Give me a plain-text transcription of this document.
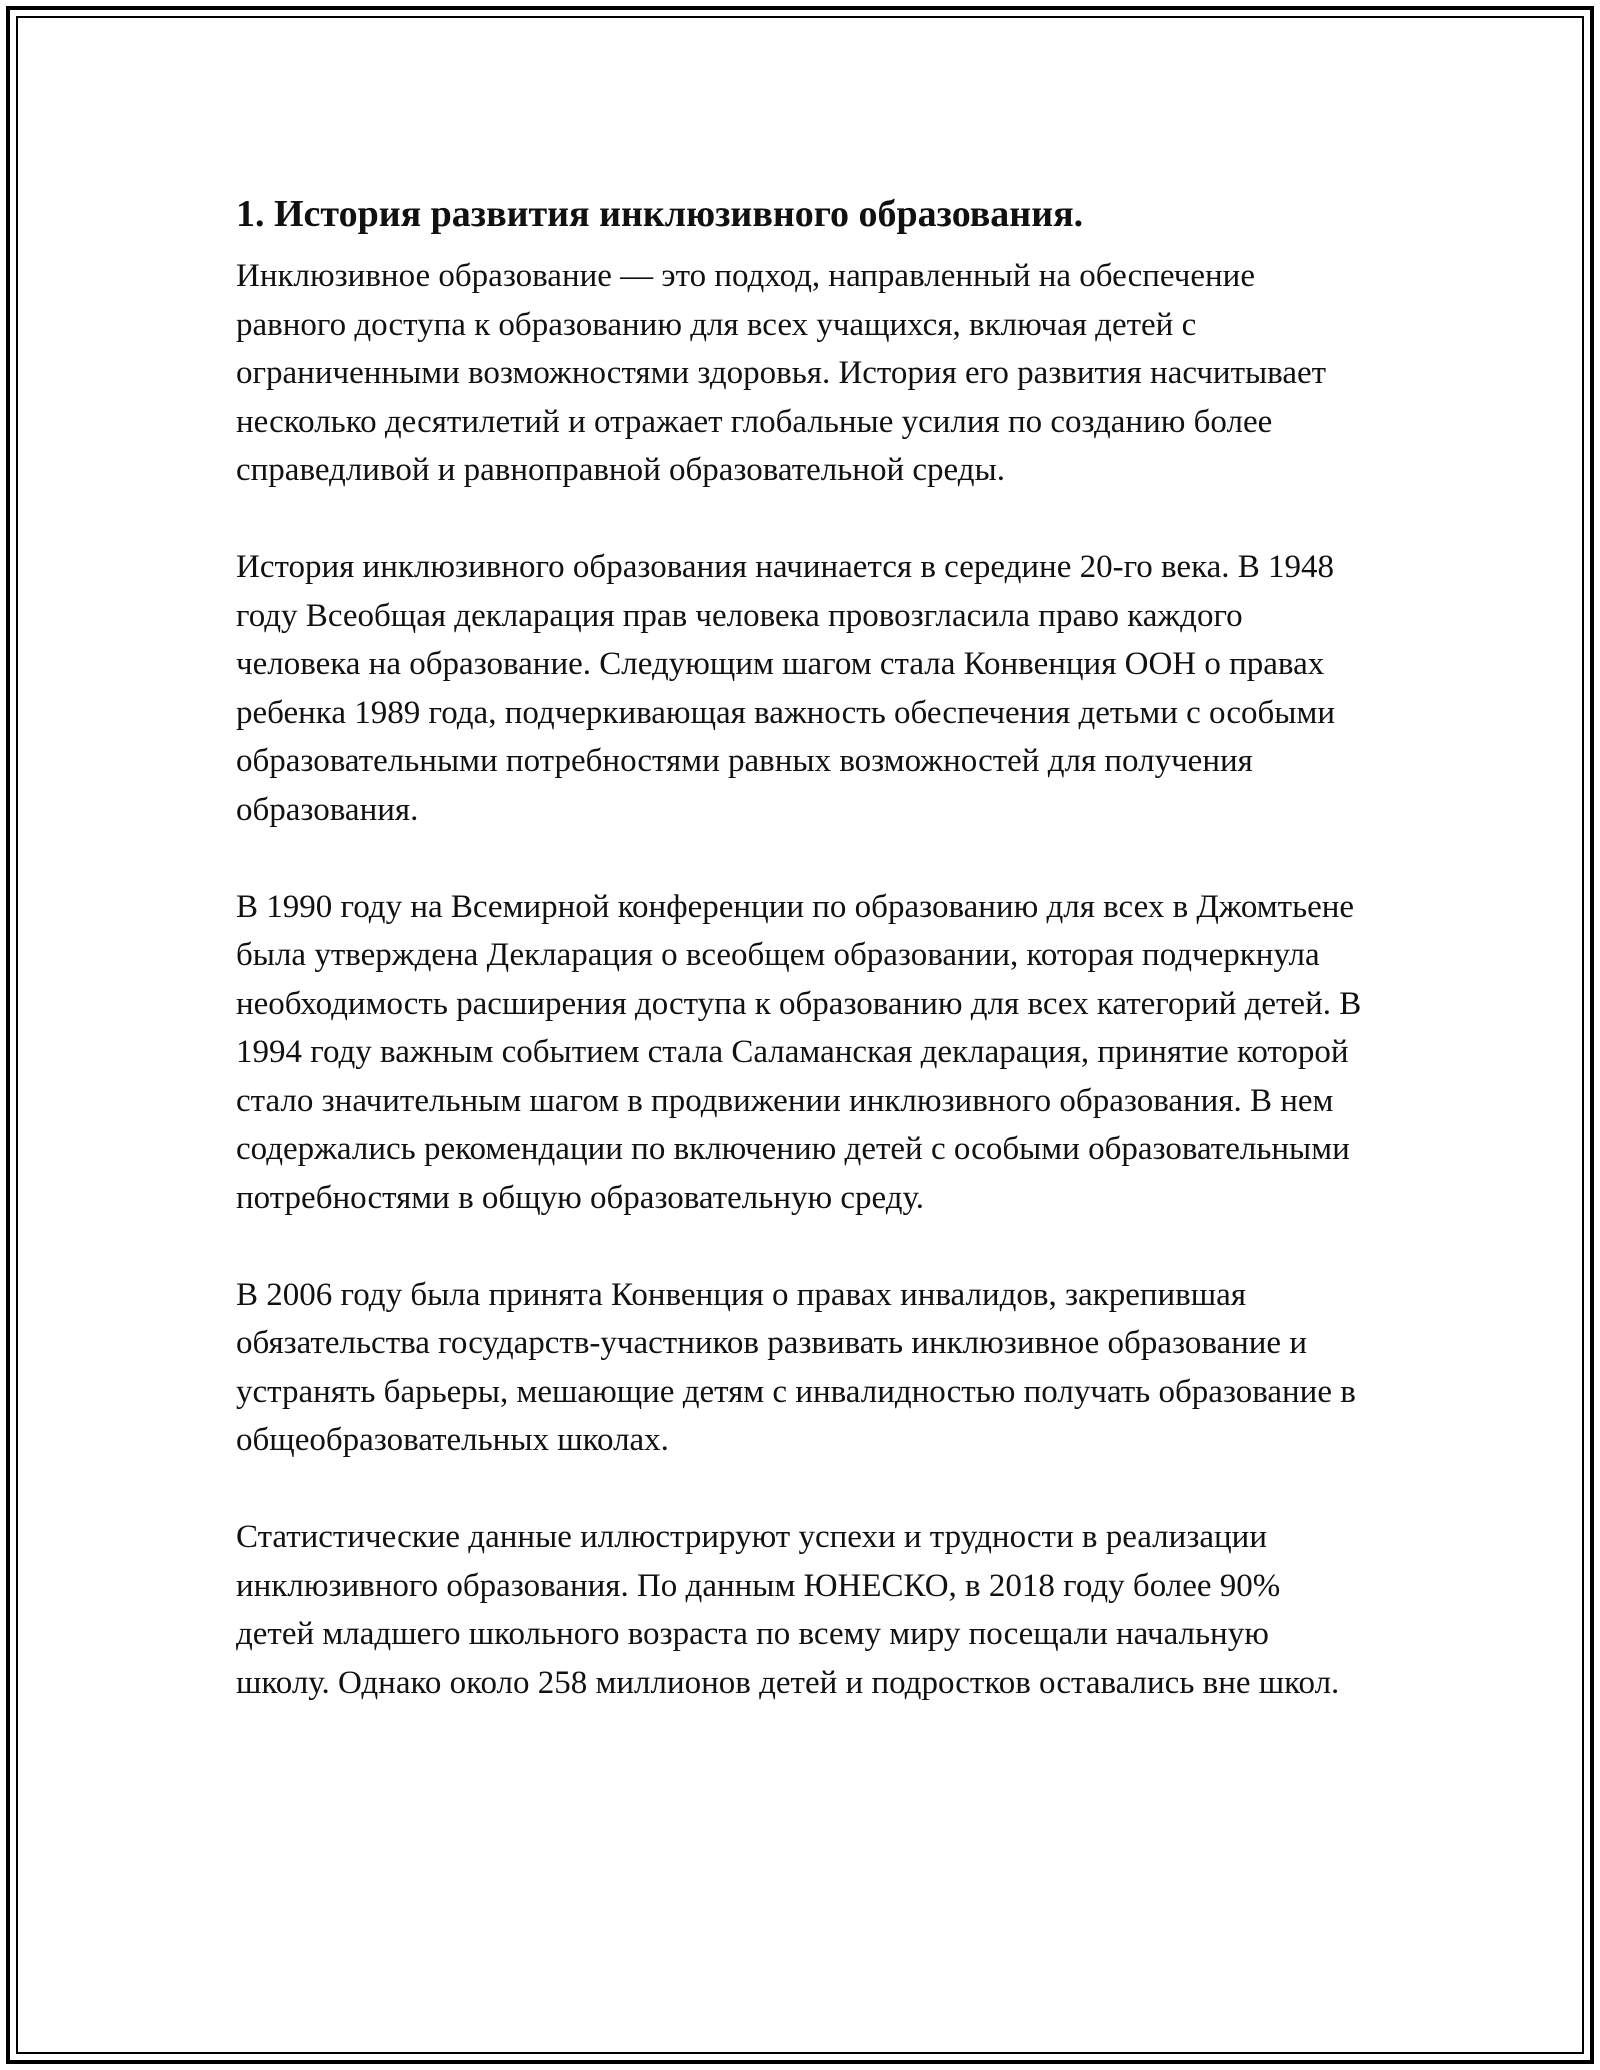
1. История развития инклюзивного образования.

Инклюзивное образование — это подход, направленный на обеспечение равного доступа к образованию для всех учащихся, включая детей с ограниченными возможностями здоровья. История его развития насчитывает несколько десятилетий и отражает глобальные усилия по созданию более справедливой и равноправной образовательной среды.

История инклюзивного образования начинается в середине 20-го века. В 1948 году Всеобщая декларация прав человека провозгласила право каждого человека на образование. Следующим шагом стала Конвенция ООН о правах ребенка 1989 года, подчеркивающая важность обеспечения детьми с особыми образовательными потребностями равных возможностей для получения образования.

В 1990 году на Всемирной конференции по образованию для всех в Джомтьене была утверждена Декларация о всеобщем образовании, которая подчеркнула необходимость расширения доступа к образованию для всех категорий детей. В 1994 году важным событием стала Саламанская декларация, принятие которой стало значительным шагом в продвижении инклюзивного образования. В нем содержались рекомендации по включению детей с особыми образовательными потребностями в общую образовательную среду.

В 2006 году была принята Конвенция о правах инвалидов, закрепившая обязательства государств-участников развивать инклюзивное образование и устранять барьеры, мешающие детям с инвалидностью получать образование в общеобразовательных школах.

Статистические данные иллюстрируют успехи и трудности в реализации инклюзивного образования. По данным ЮНЕСКО, в 2018 году более 90% детей младшего школьного возраста по всему миру посещали начальную школу. Однако около 258 миллионов детей и подростков оставались вне школ.
